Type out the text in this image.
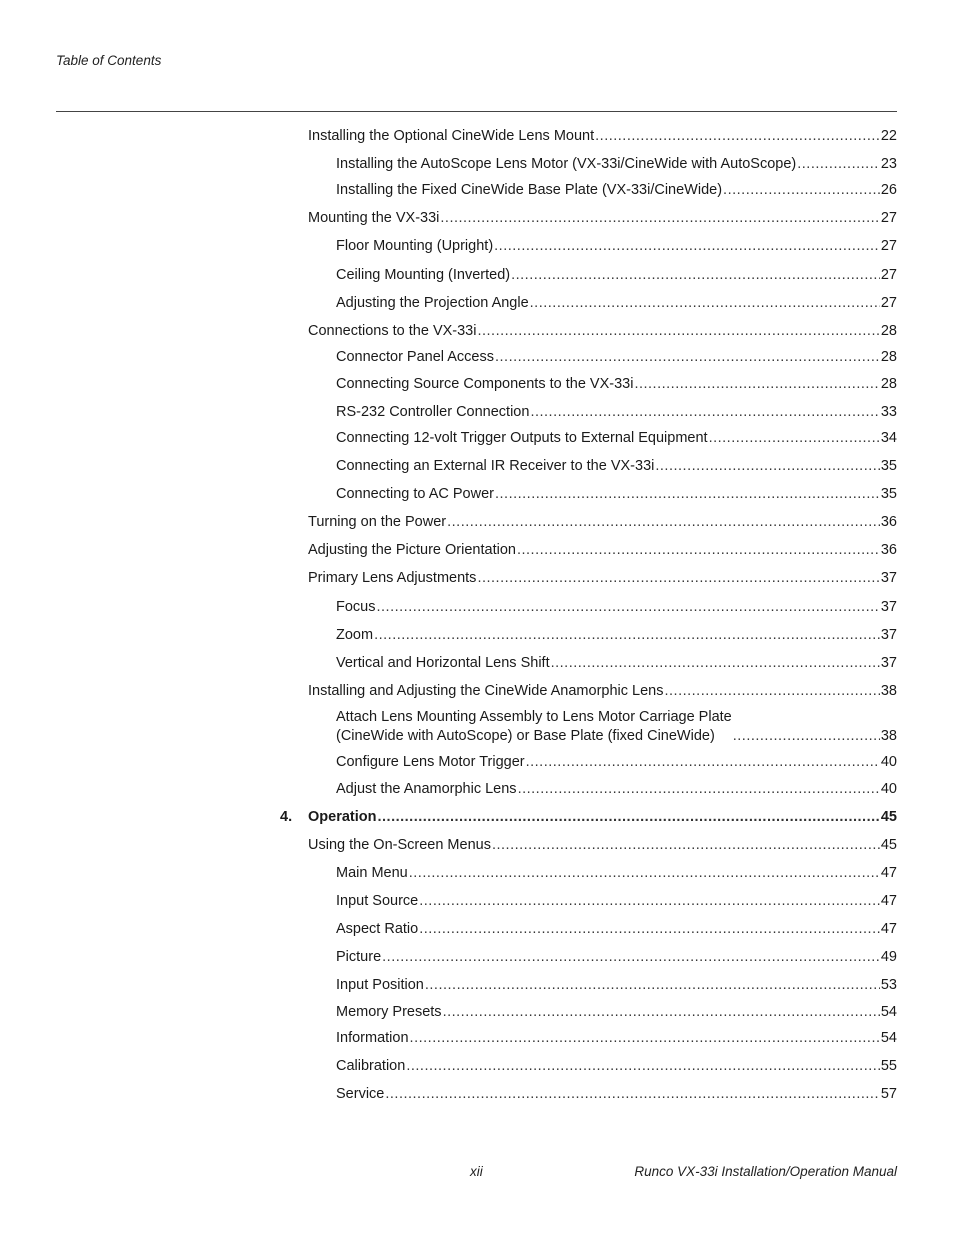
Table of Contents
Installing the Optional CineWide Lens Mount .....	22
Installing the AutoScope Lens Motor (VX-33i/CineWide with AutoScope) .....	23
Installing the Fixed CineWide Base Plate (VX-33i/CineWide) .....	26
Mounting the VX-33i .....	27
Floor Mounting (Upright) .....	27
Ceiling Mounting (Inverted) .....	27
Adjusting the Projection Angle .....	27
Connections to the VX-33i .....	28
Connector Panel Access .....	28
Connecting Source Components to the VX-33i .....	28
RS-232 Controller Connection .....	33
Connecting 12-volt Trigger Outputs to External Equipment .....	34
Connecting an External IR Receiver to the VX-33i .....	35
Connecting to AC Power .....	35
Turning on the Power .....	36
Adjusting the Picture Orientation .....	36
Primary Lens Adjustments .....	37
Focus .....	37
Zoom .....	37
Vertical and Horizontal Lens Shift .....	37
Installing and Adjusting the CineWide Anamorphic Lens .....	38
Attach Lens Mounting Assembly to Lens Motor Carriage Plate
(CineWide with AutoScope) or Base Plate (fixed CineWide) .....	38
Configure Lens Motor Trigger .....	40
Adjust the Anamorphic Lens .....	40
4. Operation .....	45
Using the On-Screen Menus .....	45
Main Menu .....	47
Input Source .....	47
Aspect Ratio .....	47
Picture .....	49
Input Position .....	53
Memory Presets .....	54
Information .....	54
Calibration .....	55
Service .....	57
xii	Runco VX-33i Installation/Operation Manual
